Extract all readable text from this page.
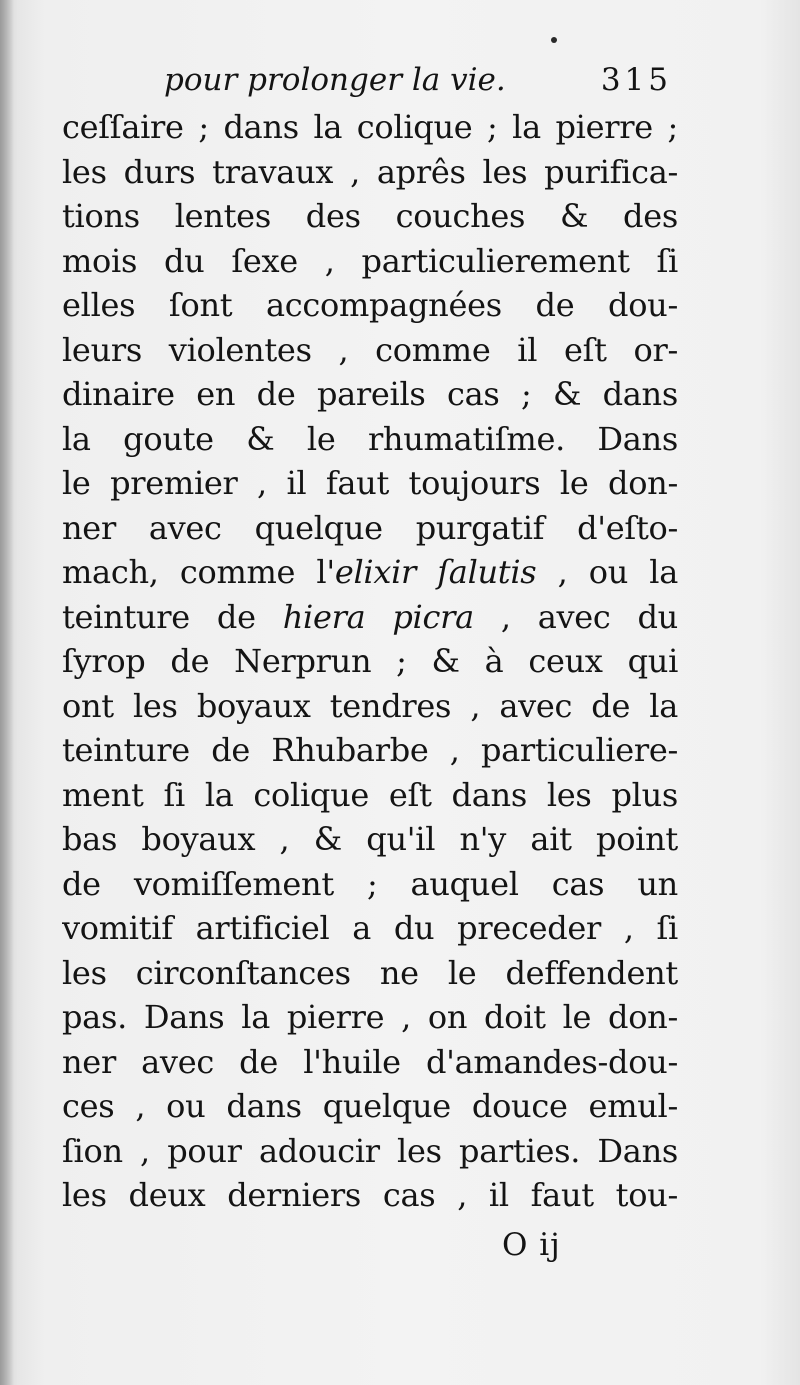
pour prolonger la vie.	315
ceſſaire ; dans la colique ; la pierre ;
les durs travaux , aprês les purifica-
tions lentes des couches & des
mois du ſexe , particulierement ſi
elles ſont accompagnées de dou-
leurs violentes , comme il eſt or-
dinaire en de pareils cas ; & dans
la goute & le rhumatiſme. Dans
le premier , il faut toujours le don-
ner avec quelque purgatif d'eſto-
mach, comme l'elixir ſalutis , ou la
teinture de hiera picra , avec du
ſyrop de Nerprun ; & à ceux qui
ont les boyaux tendres , avec de la
teinture de Rhubarbe , particuliere-
ment ſi la colique eſt dans les plus
bas boyaux , & qu'il n'y ait point
de vomiſſement ; auquel cas un
vomitif artificiel a du preceder , ſi
les circonſtances ne le deffendent
pas. Dans la pierre , on doit le don-
ner avec de l'huile d'amandes-dou-
ces , ou dans quelque douce emul-
ſion , pour adoucir les parties. Dans
les deux derniers cas , il faut tou-
O ij
